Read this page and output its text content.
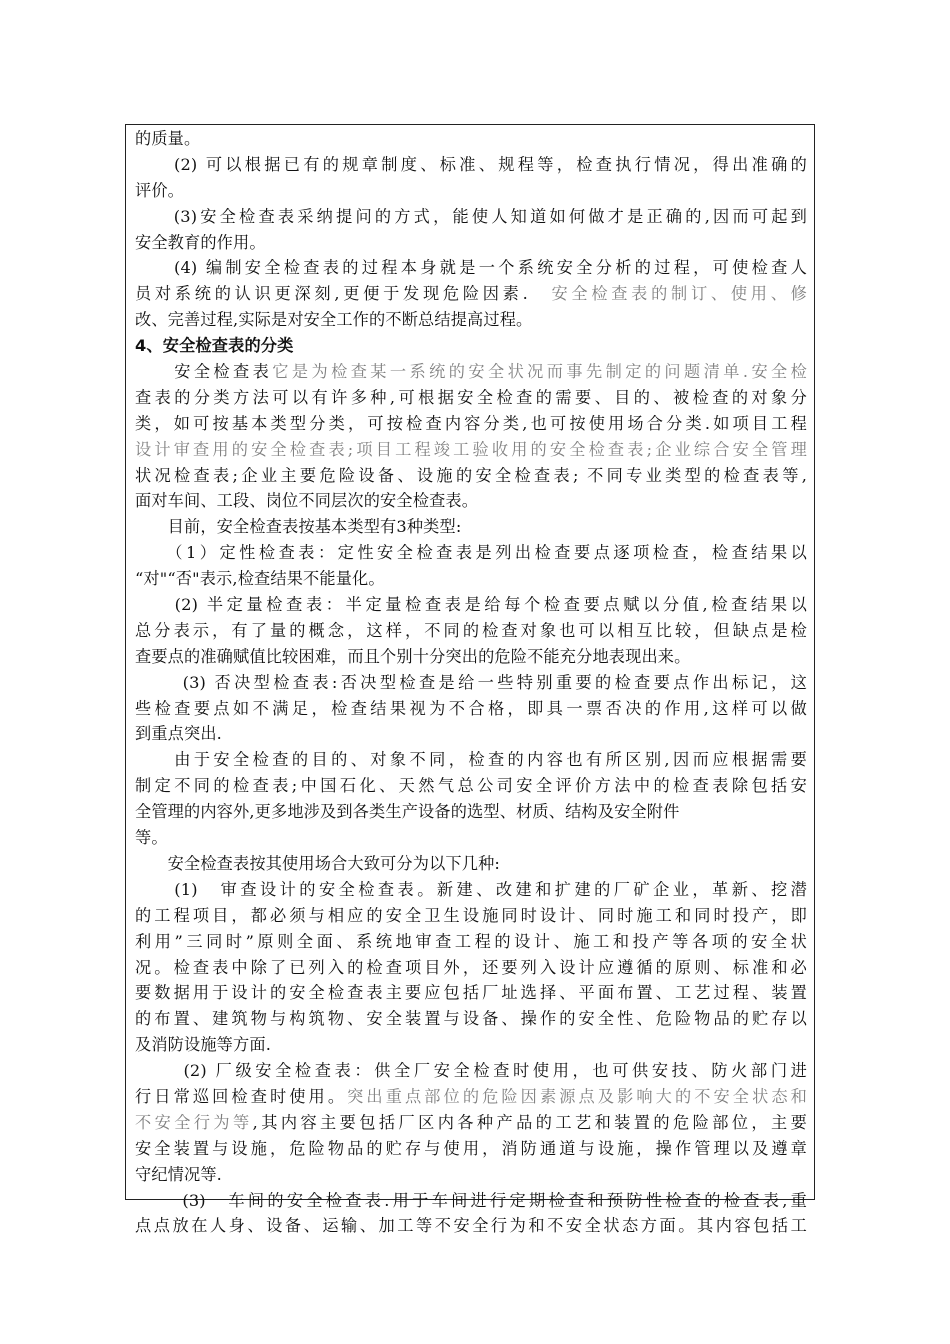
的质量。
　　(2) 可以根据已有的规章制度、标准、规程等，检查执行情况，得出准确的
评价。
　　(3)安全检查表采纳提问的方式，能使人知道如何做才是正确的,因而可起到
安全教育的作用。
　　(4) 编制安全检查表的过程本身就是一个系统安全分析的过程，可使检查人
员对系统的认识更深刻,更便于发现危险因素.　安全检查表的制订、使用、修
改、完善过程,实际是对安全工作的不断总结提高过程。
4、安全检查表的分类
　　安全检查表它是为检查某一系统的安全状况而事先制定的问题清单.安全检
查表的分类方法可以有许多种,可根据安全检查的需要、目的、被检查的对象分
类，如可按基本类型分类，可按检查内容分类,也可按使用场合分类.如项目工程
设计审查用的安全检查表;项目工程竣工验收用的安全检查表;企业综合安全管理
状况检查表;企业主要危险设备、设施的安全检查表; 不同专业类型的检查表等,
面对车间、工段、岗位不同层次的安全检查表。
　　目前，安全检查表按基本类型有3种类型:
　　（1）定性检查表：定性安全检查表是列出检查要点逐项检查，检查结果以
“对"“否"表示,检查结果不能量化。
　　(2) 半定量检查表：半定量检查表是给每个检查要点赋以分值,检查结果以
总分表示，有了量的概念，这样，不同的检查对象也可以相互比较，但缺点是检
查要点的准确赋值比较困难，而且个别十分突出的危险不能充分地表现出来。
　　 (3) 否决型检查表:否决型检查是给一些特别重要的检查要点作出标记，这
些检查要点如不满足，检查结果视为不合格，即具一票否决的作用,这样可以做
到重点突出.
　　由于安全检查的目的、对象不同，检查的内容也有所区别,因而应根据需要
制定不同的检查表;中国石化、天然气总公司安全评价方法中的检查表除包括安
全管理的内容外,更多地涉及到各类生产设备的选型、材质、结构及安全附件
等。
　　安全检查表按其使用场合大致可分为以下几种:
　　(1)　审查设计的安全检查表。新建、改建和扩建的厂矿企业，革新、挖潜
的工程项目，都必须与相应的安全卫生设施同时设计、同时施工和同时投产，即
利用”三同时”原则全面、系统地审查工程的设计、施工和投产等各项的安全状
况。检查表中除了已列入的检查项目外，还要列入设计应遵循的原则、标准和必
要数据用于设计的安全检查表主要应包括厂址选择、平面布置、工艺过程、装置
的布置、建筑物与构筑物、安全装置与设备、操作的安全性、危险物品的贮存以
及消防设施等方面.
　　 (2) 厂级安全检查表：供全厂安全检查时使用，也可供安技、防火部门进
行日常巡回检查时使用。突出重点部位的危险因素源点及影响大的不安全状态和
不安全行为等,其内容主要包括厂区内各种产品的工艺和装置的危险部位，主要
安全装置与设施，危险物品的贮存与使用，消防通道与设施，操作管理以及遵章
守纪情况等.
　　 (3)　车间的安全检查表.用于车间进行定期检查和预防性检查的检查表,重
点点放在人身、设备、运输、加工等不安全行为和不安全状态方面。其内容包括工
